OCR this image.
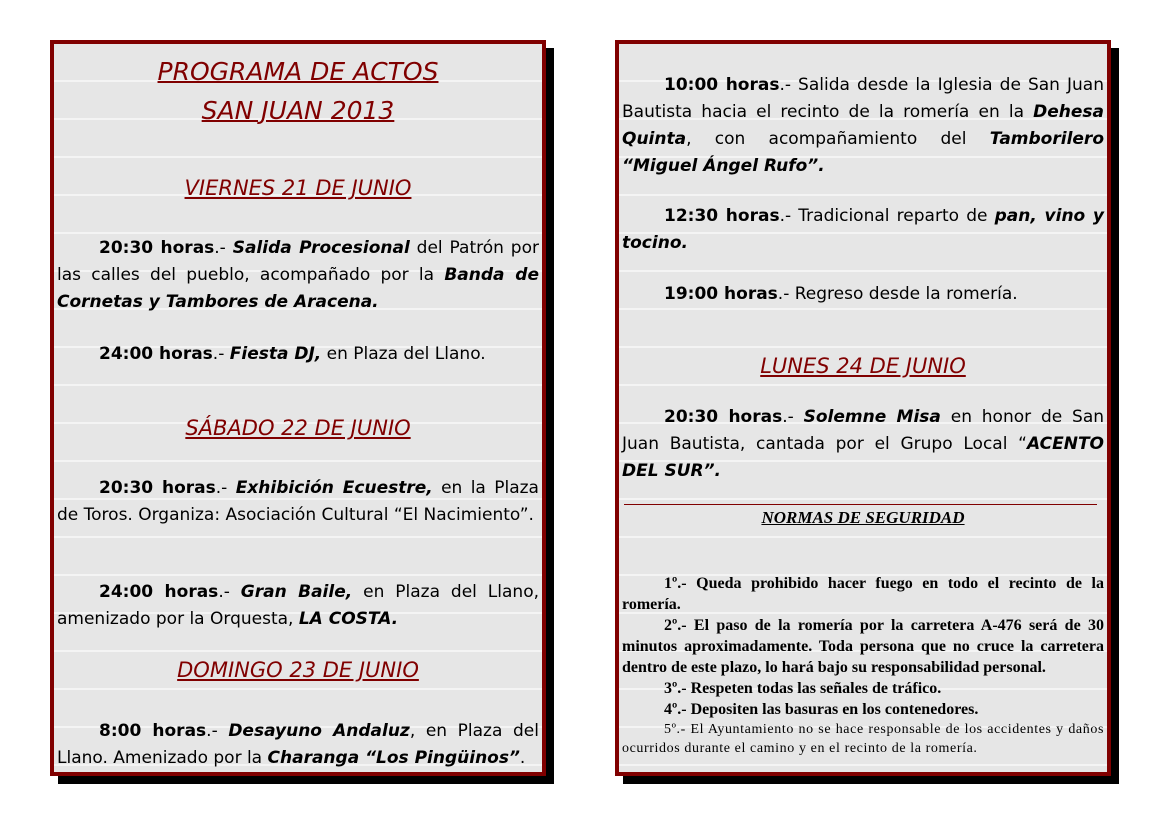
PROGRAMA DE ACTOS
SAN JUAN 2013
VIERNES 21 DE JUNIO
20:30 horas.- Salida Procesional del Patrón por las calles del pueblo, acompañado por la Banda de Cornetas y Tambores de Aracena.
24:00 horas.- Fiesta DJ, en Plaza del Llano.
SÁBADO 22 DE JUNIO
20:30 horas.- Exhibición Ecuestre, en la Plaza de Toros. Organiza: Asociación Cultural “El Nacimiento”.
24:00 horas.- Gran Baile, en Plaza del Llano, amenizado por la Orquesta, LA COSTA.
DOMINGO 23 DE JUNIO
8:00 horas.- Desayuno Andaluz, en Plaza del Llano. Amenizado por la Charanga “Los Pingüinos”.
10:00 horas.- Salida desde la Iglesia de San Juan Bautista hacia el recinto de la romería en la Dehesa Quinta, con acompañamiento del Tamborilero “Miguel Ángel Rufo”.
12:30 horas.- Tradicional reparto de pan, vino y tocino.
19:00 horas.- Regreso desde la romería.
LUNES 24 DE JUNIO
20:30 horas.- Solemne Misa en honor de San Juan Bautista, cantada por el Grupo Local “ACENTO DEL SUR”.
NORMAS DE SEGURIDAD
1º.- Queda prohibido hacer fuego en todo el recinto de la romería.
2º.- El paso de la romería por la carretera A-476 será de 30 minutos aproximadamente. Toda persona que no cruce la carretera dentro de este plazo, lo hará bajo su responsabilidad personal.
3º.- Respeten todas las señales de tráfico.
4º.- Depositen las basuras en los contenedores.
5º.- El Ayuntamiento no se hace responsable de los accidentes y daños ocurridos durante el camino y en el recinto de la romería.
